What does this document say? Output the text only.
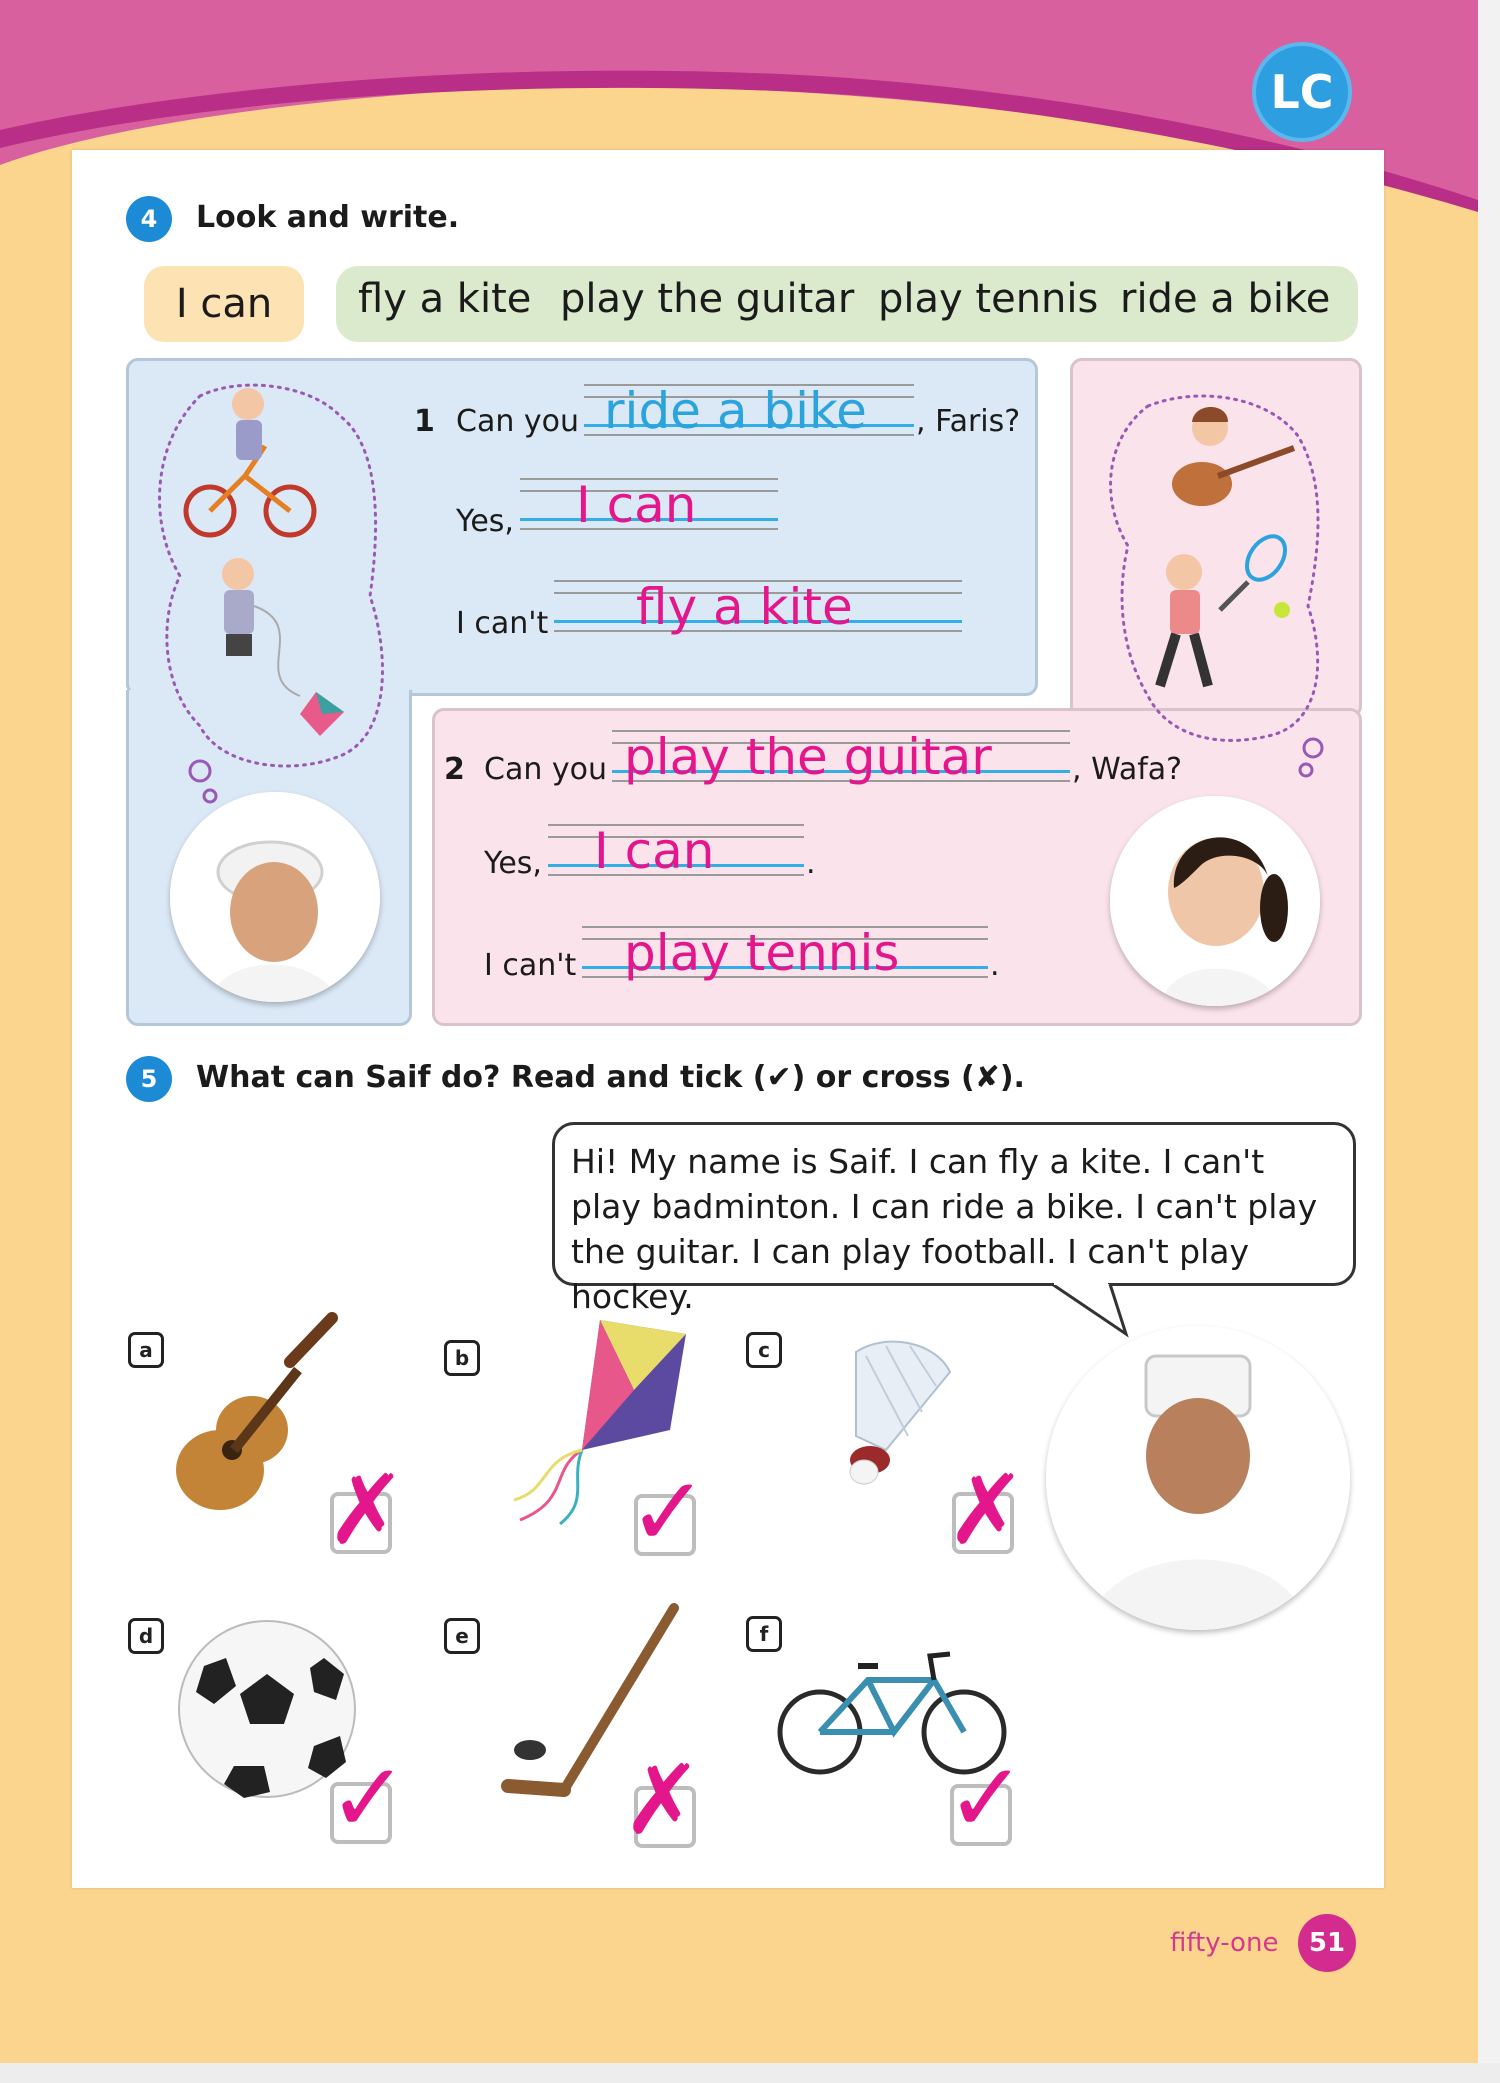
LC
4	Look and write.
I can fly a kite play the guitar play tennis ride a bike
1 Can you ride a bike , Faris?
Yes, I can
I can't fly a kite
2 Can you play the guitar	, Wafa?
Yes, I can	.
I can't play tennis	.
5	What can Saif do? Read and tick (✔) or cross (✘).
Hi! My name is Saif. I can fly a kite. I can't play badminton. I can ride a bike. I can't play the guitar. I can play football. I can't play hockey.
a
✗
b
✓
c
✗
d
✓
e
✗
f
✓
fifty-one	51
